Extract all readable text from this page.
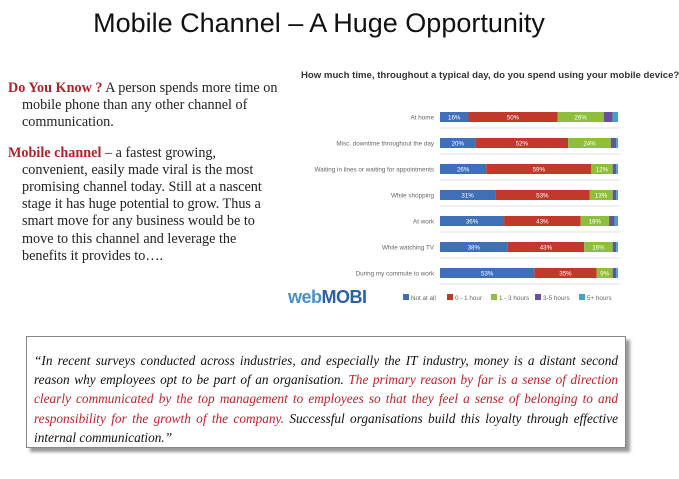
Mobile Channel – A Huge Opportunity

Do You Know ? A person spends more time on mobile phone than any other channel of communication.

Mobile channel – a fastest growing, convenient, easily made viral is the most promising channel today. Still at a nascent stage it has huge potential to grow. Thus a smart move for any business would be to move to this channel and leverage the benefits it provides to….

How much time, throughout a typical day, do you spend using your mobile device?
At home 16%	50%	26%
Misc. downtime throughout the day	20%	52%	24%
Waiting in lines or waiting for appointments	26%	59%	12%
While shopping	31%	53%	13%
At work	36%	43%	16%
While watching TV	38%	43%	16%
During my commute to work	53%	35%	9%
Not at all	0 - 1 hour	1 - 3 hours 3-5 hours	5+ hours
webMOBI
“In recent surveys conducted across industries, and especially the IT industry, money is a distant second reason why employees opt to be part of an organisation. The primary reason by far is a sense of direction clearly communicated by the top management to employees so that they feel a sense of belonging to and responsibility for the growth of the company. Successful organisations build this loyalty through effective internal communication.”
